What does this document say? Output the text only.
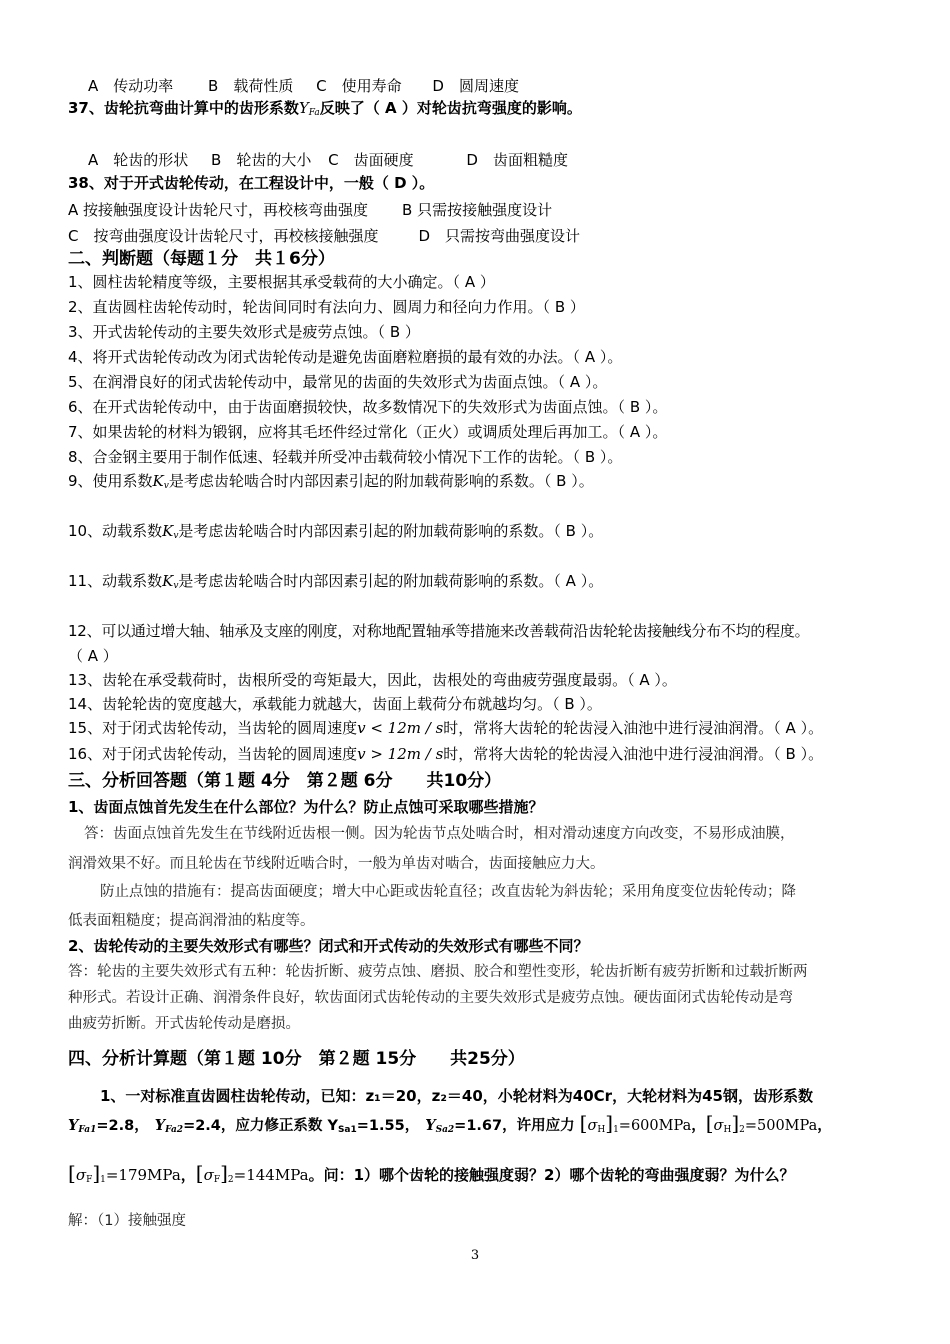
A　传动功率 B　载荷性质 C　使用寿命 D　圆周速度
37、齿轮抗弯曲计算中的齿形系数$Y_{Fa}$反映了（ A ）对轮齿抗弯强度的影响。
A　轮齿的形状 B　轮齿的大小 C　齿面硬度	D　齿面粗糙度
38、对于开式齿轮传动，在工程设计中，一般（ D ）。
A 按接触强度设计齿轮尺寸，再校核弯曲强度 B 只需按接触强度设计
C　按弯曲强度设计齿轮尺寸，再校核接触强度	D　只需按弯曲强度设计
二、判断题（每题１分　共１6分）
1、圆柱齿轮精度等级，主要根据其承受载荷的大小确定。（ A ）
2、直齿圆柱齿轮传动时，轮齿间同时有法向力、圆周力和径向力作用。（ B ）
3、开式齿轮传动的主要失效形式是疲劳点蚀。（ B ）
4、将开式齿轮传动改为闭式齿轮传动是避免齿面磨粒磨损的最有效的办法。（ A ）。
5、在润滑良好的闭式齿轮传动中，最常见的齿面的失效形式为齿面点蚀。（ A ）。
6、在开式齿轮传动中，由于齿面磨损较快，故多数情况下的失效形式为齿面点蚀。（ B ）。
7、如果齿轮的材料为锻钢，应将其毛坯件经过常化（正火）或调质处理后再加工。（ A ）。
8、合金钢主要用于制作低速、轻载并所受冲击载荷较小情况下工作的齿轮。（ B ）。
9、使用系数$K_v$是考虑齿轮啮合时内部因素引起的附加载荷影响的系数。（ B ）。
10、动载系数$K_v$是考虑齿轮啮合时内部因素引起的附加载荷影响的系数。（ B ）。
11、动载系数$K_v$是考虑齿轮啮合时内部因素引起的附加载荷影响的系数。（ A ）。
12、可以通过增大轴、轴承及支座的刚度，对称地配置轴承等措施来改善载荷沿齿轮轮齿接触线分布不均的程度。
（ A ）
13、齿轮在承受载荷时，齿根所受的弯矩最大，因此，齿根处的弯曲疲劳强度最弱。（ A ）。
14、齿轮轮齿的宽度越大，承载能力就越大，齿面上载荷分布就越均匀。（ B ）。
15、对于闭式齿轮传动，当齿轮的圆周速度v < 12m / s时，常将大齿轮的轮齿浸入油池中进行浸油润滑。（ A ）。
16、对于闭式齿轮传动，当齿轮的圆周速度v > 12m / s时，常将大齿轮的轮齿浸入油池中进行浸油润滑。（ B ）。
三、分析回答题（第１题 4分　第２题 6分　　共10分）
1、齿面点蚀首先发生在什么部位？为什么？防止点蚀可采取哪些措施？
答：齿面点蚀首先发生在节线附近齿根一侧。因为轮齿节点处啮合时，相对滑动速度方向改变，不易形成油膜，
润滑效果不好。而且轮齿在节线附近啮合时，一般为单齿对啮合，齿面接触应力大。
防止点蚀的措施有：提高齿面硬度；增大中心距或齿轮直径；改直齿轮为斜齿轮；采用角度变位齿轮传动；降
低表面粗糙度；提高润滑油的粘度等。
2、齿轮传动的主要失效形式有哪些？闭式和开式传动的失效形式有哪些不同？
答：轮齿的主要失效形式有五种：轮齿折断、疲劳点蚀、磨损、胶合和塑性变形，轮齿折断有疲劳折断和过载折断两
种形式。若设计正确、润滑条件良好，软齿面闭式齿轮传动的主要失效形式是疲劳点蚀。硬齿面闭式齿轮传动是弯
曲疲劳折断。开式齿轮传动是磨损。
四、分析计算题（第１题 10分　第２题 15分　　共25分）
1、一对标准直齿圆柱齿轮传动，已知：z₁＝20，z₂＝40，小轮材料为40Cr，大轮材料为45钢，齿形系数
$Y_{Fa1}=2.8$， $Y_{Fa2}=2.4$，应力修正系数 $Y_{Sa1}=1.55$， $Y_{Sa2}=1.67$，许用应力 $[\sigma_H]_1=600MPa$，$[\sigma_H]_2=500MPa$，
$[\sigma_F]_1=179MPa$，$[\sigma_F]_2=144MPa$。问：1）哪个齿轮的接触强度弱？2）哪个齿轮的弯曲强度弱？为什么？
解：（1）接触强度
3
